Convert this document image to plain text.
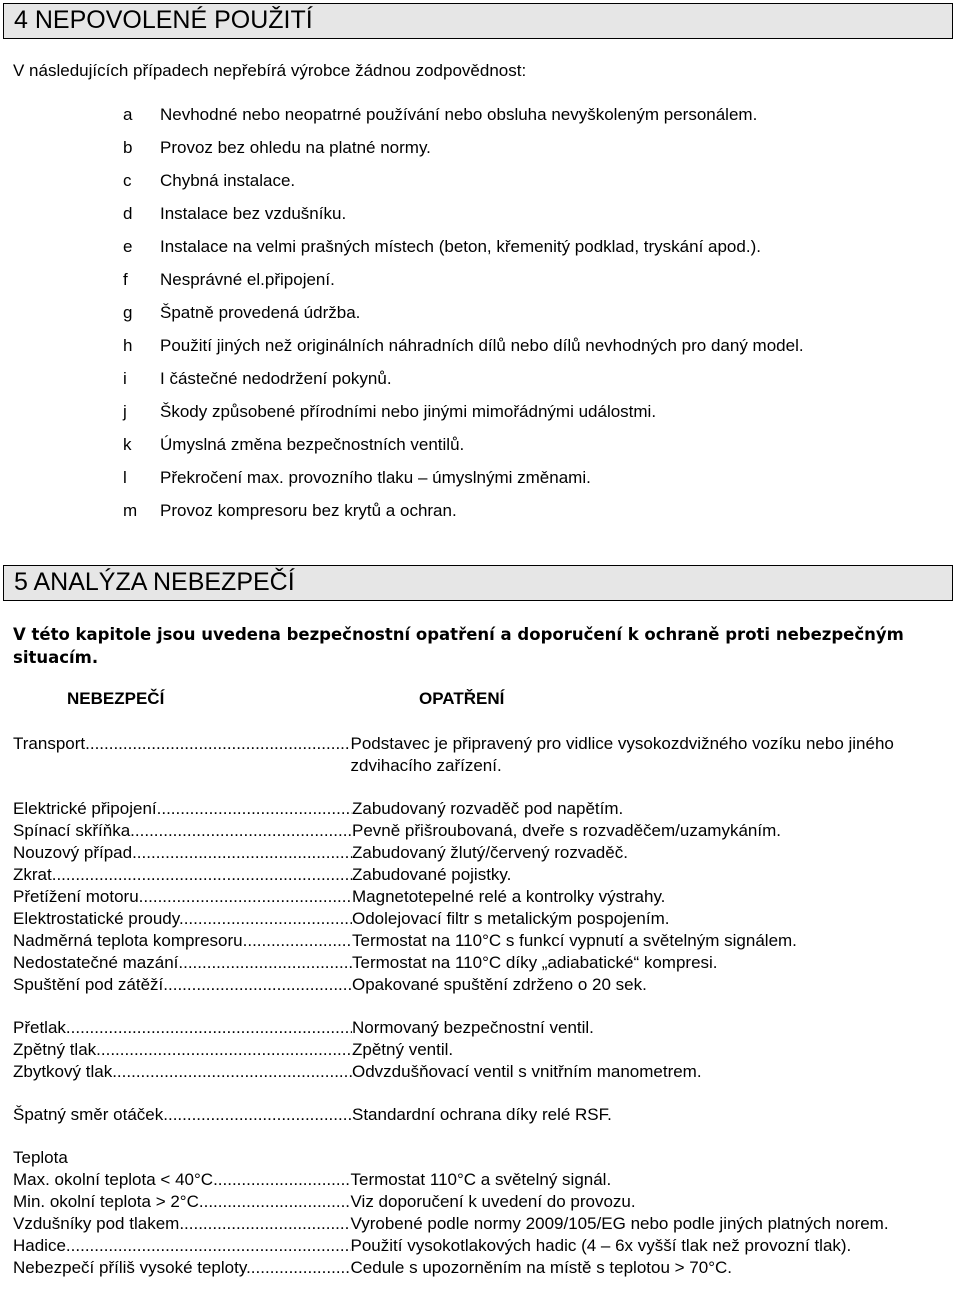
4 NEPOVOLENÉ POUŽITÍ
V následujících případech nepřebírá výrobce žádnou zodpovědnost:
a	Nevhodné nebo neopatrné používání nebo obsluha nevyškoleným personálem.
b	Provoz bez ohledu na platné normy.
c	Chybná instalace.
d	Instalace bez vzdušníku.
e	Instalace na velmi prašných místech (beton, křemenitý podklad, tryskání apod.).
f	Nesprávné el.připojení.
g	Špatně provedená údržba.
h	Použití jiných než originálních náhradních dílů nebo dílů nevhodných pro daný model.
i	I částečné nedodržení pokynů.
j	Škody způsobené přírodními nebo jinými mimořádnými událostmi.
k	Úmyslná změna bezpečnostních ventilů.
l	Překročení max. provozního tlaku – úmyslnými změnami.
m	Provoz kompresoru bez krytů a ochran.
5 ANALÝZA NEBEZPEČÍ
V této kapitole jsou uvedena bezpečnostní opatření a doporučení k ochraně proti nebezpečným situacím.
NEBEZPEČÍ	OPATŘENÍ
Transport .....	Podstavec je připravený pro vidlice vysokozdvižného vozíku nebo jiného zdvihacího zařízení.
Elektrické připojení .....	Zabudovaný rozvaděč pod napětím.
Spínací skříňka .....	Pevně přišroubovaná, dveře s rozvaděčem/uzamykáním.
Nouzový případ .....	Zabudovaný žlutý/červený rozvaděč.
Zkrat .....	Zabudované pojistky.
Přetížení motoru .....	Magnetotepelné relé a kontrolky výstrahy.
Elektrostatické proudy .....	Odolejovací filtr s metalickým pospojením.
Nadměrná teplota kompresoru .....	Termostat na 110°C s funkcí vypnutí a světelným signálem.
Nedostatečné mazání .....	Termostat na 110°C díky „adiabatické“ kompresi.
Spuštění pod zátěží .....	Opakované spuštění zdrženo o 20 sek.
Přetlak .....	Normovaný bezpečnostní ventil.
Zpětný tlak .....	Zpětný ventil.
Zbytkový tlak .....	Odvzdušňovací ventil s vnitřním manometrem.
Špatný směr otáček .....	Standardní ochrana díky relé RSF.
Teplota
Max. okolní teplota < 40°C .....	Termostat 110°C a světelný signál.
Min. okolní teplota > 2°C .....	Viz doporučení k uvedení do provozu.
Vzdušníky pod tlakem .....	Vyrobené podle normy 2009/105/EG nebo podle jiných platných norem.
Hadice .....	Použití vysokotlakových hadic (4 – 6x vyšší tlak než provozní tlak).
Nebezpečí příliš vysoké teploty .....	Cedule s upozorněním na místě s teplotou > 70°C.
